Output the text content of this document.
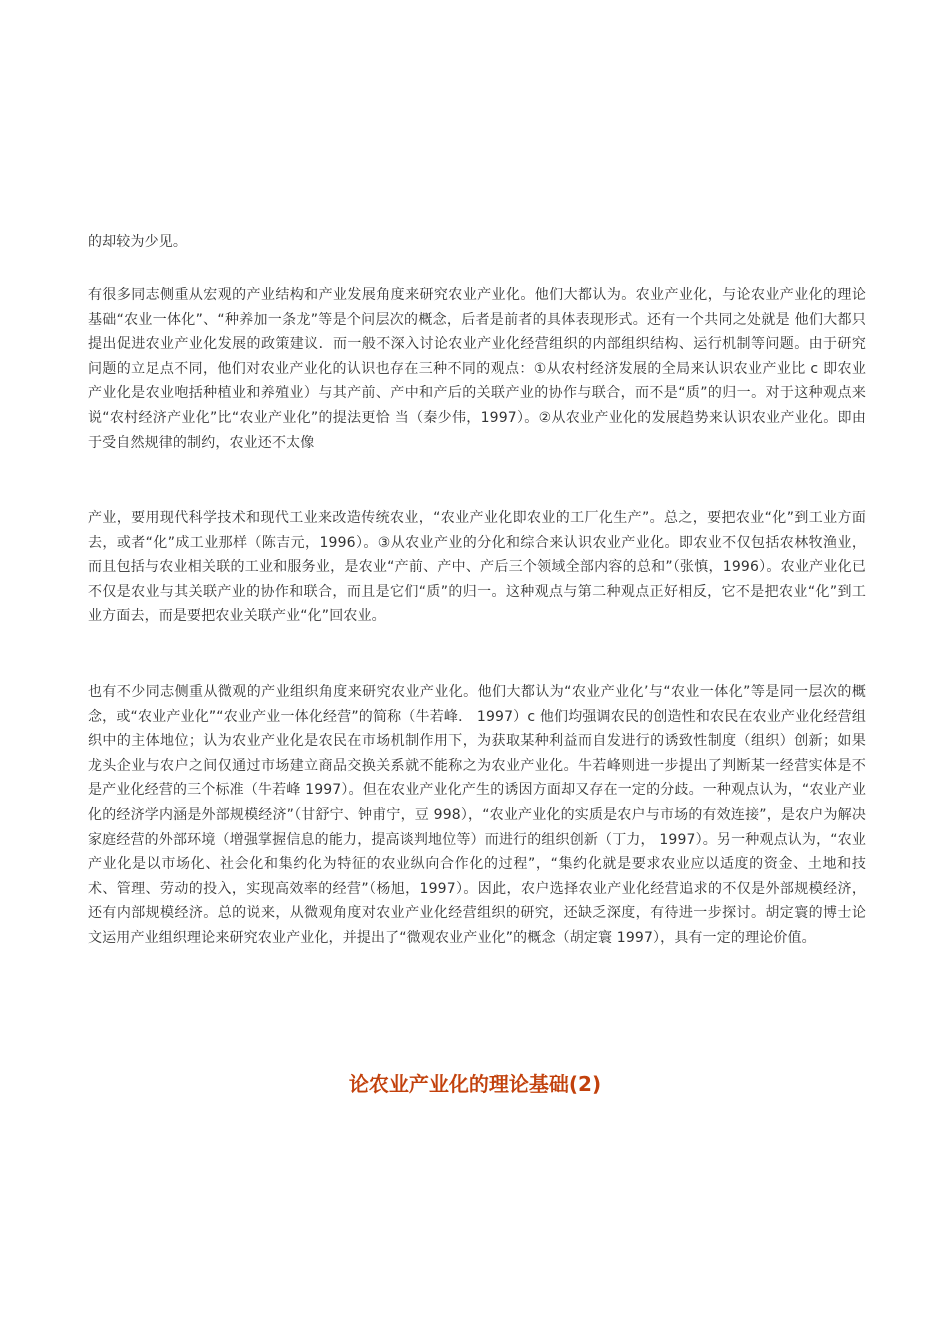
的却较为少见。

有很多同志侧重从宏观的产业结构和产业发展角度来研究农业产业化。他们大都认为。农业产业化，与论农业产业化的理论基础“农业一体化”、“种养加一条龙”等是个问层次的概念，后者是前者的具体表现形式。还有一个共同之处就是 他们大都只提出促进农业产业化发展的政策建议．而一般不深入讨论农业产业化经营组织的内部组织结构、运行机制等问题。由于研究问题的立足点不同，他们对农业产业化的认识也存在三种不同的观点：①从农村经济发展的全局来认识农业产业比 c 即农业产业化是农业咆括种植业和养殖业）与其产前、产中和产后的关联产业的协作与联合，而不是“质”的归一。对于这种观点来说“农村经济产业化”比“农业产业化”的提法更恰 当（秦少伟，1997）。②从农业产业化的发展趋势来认识农业产业化。即由于受自然规律的制约，农业还不太像

产业，要用现代科学技术和现代工业来改造传统农业，“农业产业化即农业的工厂化生产”。总之，要把农业“化”到工业方面去，或者“化”成工业那样（陈吉元，1996）。③从农业产业的分化和综合来认识农业产业化。即农业不仅包括农林牧渔业，而且包括与农业相关联的工业和服务业，是农业“产前、产中、产后三个领域全部内容的总和”（张慎，1996）。农业产业化已不仅是农业与其关联产业的协作和联合，而且是它们“质”的归一。这种观点与第二种观点正好相反，它不是把农业“化”到工业方面去，而是要把农业关联产业“化”回农业。

也有不少同志侧重从微观的产业组织角度来研究农业产业化。他们大都认为“农业产业化’与“农业一体化”等是同一层次的概念，或“农业产业化”“农业产业一体化经营”的简称（牛若峰． 1997）c 他们均强调农民的创造性和农民在农业产业化经营组织中的主体地位；认为农业产业化是农民在市场机制作用下，为获取某种利益而自发进行的诱致性制度（组织）创新；如果龙头企业与农户之间仅通过市场建立商品交换关系就不能称之为农业产业化。牛若峰则进一步提出了判断某一经营实体是不是产业化经营的三个标准（牛若峰 1997）。但在农业产业化产生的诱因方面却又存在一定的分歧。一种观点认为，“农业产业化的经济学内涵是外部规模经济”（甘舒宁、钟甫宁，豆 998），“农业产业化的实质是农户与市场的有效连接”，是农户为解决家庭经营的外部环境（增强掌握信息的能力，提高谈判地位等）而进行的组织创新（丁力， 1997）。另一种观点认为，“农业产业化是以市场化、社会化和集约化为特征的农业纵向合作化的过程”，“集约化就是要求农业应以适度的资金、土地和技术、管理、劳动的投入，实现高效率的经营”（杨旭，1997）。因此，农户选择农业产业化经营追求的不仅是外部规模经济，还有内部规模经济。总的说来，从微观角度对农业产业化经营组织的研究，还缺乏深度，有待进一步探讨。胡定寰的博士论文运用产业组织理论来研究农业产业化，并提出了“微观农业产业化”的概念（胡定寰 1997），具有一定的理论价值。

论农业产业化的理论基础(2)
